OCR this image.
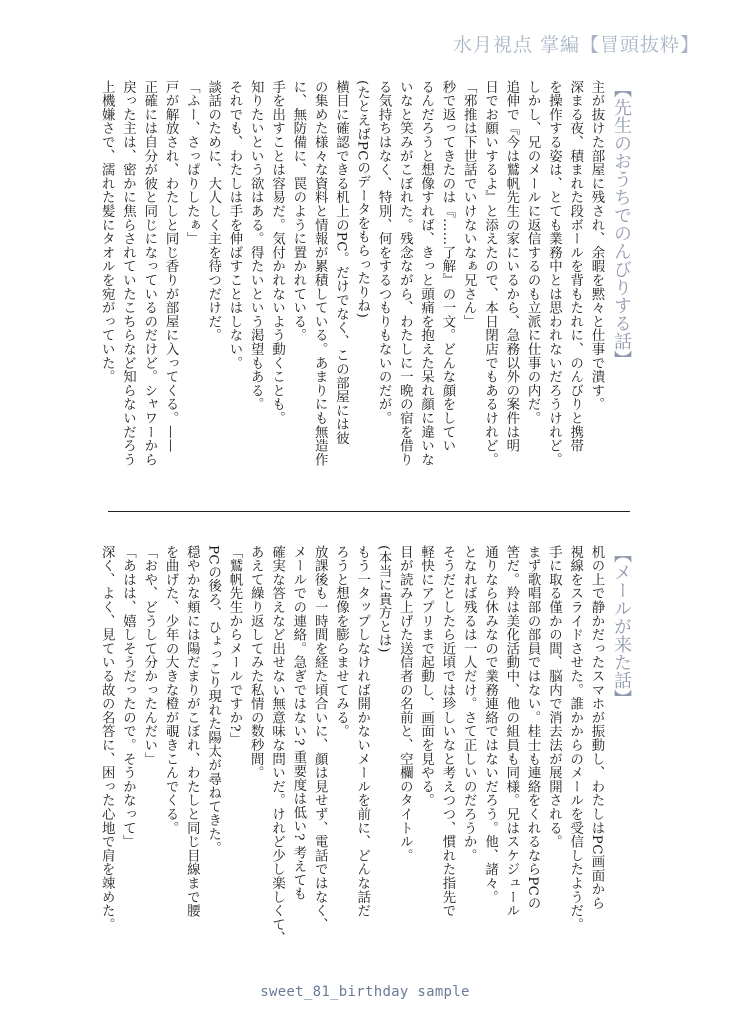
水月視点 掌編【冒頭抜粋】

【先生のおうちでのんびりする話】

主が抜けた部屋に残され、余暇を黙々と仕事で潰す。

深まる夜、積まれた段ボールを背もたれに、のんびりと携帯

を操作する姿は、とても業務中とは思われないだろうけれど。

しかし、兄のメールに返信するのも立派に仕事の内だ。

追伸で『今は鷲帆先生の家にいるから、急務以外の案件は明

日でお願いするよ』と添えたので、本日閉店でもあるけれど。

「邪推は下世話でいけないなぁ兄さん」

秒で返ってきたのは『……了解』の一文。どんな顔をしてい

るんだろうと想像すれば、きっと頭痛を抱えた呆れ顔に違いな

いなと笑みがこぼれた。残念ながら、わたしに一晩の宿を借り

る気持ちはなく、特別、何をするつもりもないのだが。

(たとえばPCのデータをもらったりね)

横目に確認できる机上のPC。だけでなく、この部屋には彼

の集めた様々な資料と情報が累積している。あまりにも無造作

に、無防備に、罠のように置かれている。

手を出すことは容易だ。気付かれないよう動くことも。

知りたいという欲はある。得たいという渇望もある。

それでも、わたしは手を伸ばすことはしない。

談話のために、大人しく主を待つだけだ。

「ふー、さっぱりしたぁ」

戸が解放され、わたしと同じ香りが部屋に入ってくる。——

正確には自分が彼と同じになっているのだけど。シャワーから

戻った主は、密かに焦らされていたこちらなど知らないだろう

上機嫌さで、濡れた髪にタオルを宛がっていた。

【メールが来た話】

机の上で静かだったスマホが振動し、わたしはPC画面から

視線をスライドさせた。誰かからのメールを受信したようだ。

手に取る僅かの間、脳内で消去法が展開される。

まず歌唱部の部員ではない。桂士も連絡をくれるならPCの

筈だ。羚は美化活動中、他の組員も同様。兄はスケジュール

通りなら休みなので業務連絡ではないだろう。他、諸々。

となれば残るは一人だけ。さて正しいのだろうか。

そうだとしたら近頃では珍しいなと考えつつ、慣れた指先で

軽快にアプリまで起動し、画面を見やる。

目が読み上げた送信者の名前と、空欄のタイトル。

(本当に貴方とは)

もう一タップしなければ開かないメールを前に、どんな話だ

ろうと想像を膨らませてみる。

放課後も一時間を経た頃合いに、顔は見せず、電話ではなく、

メールでの連絡。急ぎではない? 重要度は低い? 考えても

確実な答えなど出せない無意味な問いだ。けれど少し楽しくて、

あえて繰り返してみた私情の数秒間。

「鷲帆先生からメールですか?」

PCの後ろ、ひょっこり現れた陽太が尋ねてきた。

穏やかな頬には陽だまりがこぼれ、わたしと同じ目線まで腰

を曲げた、少年の大きな橙が覗きこんでくる。

「おや、どうして分かったんだい」

「あはは、嬉しそうだったので。そうかなって」

深く、よく、見ている故の名答に、困った心地で肩を竦めた。

sweet_81_birthday sample
